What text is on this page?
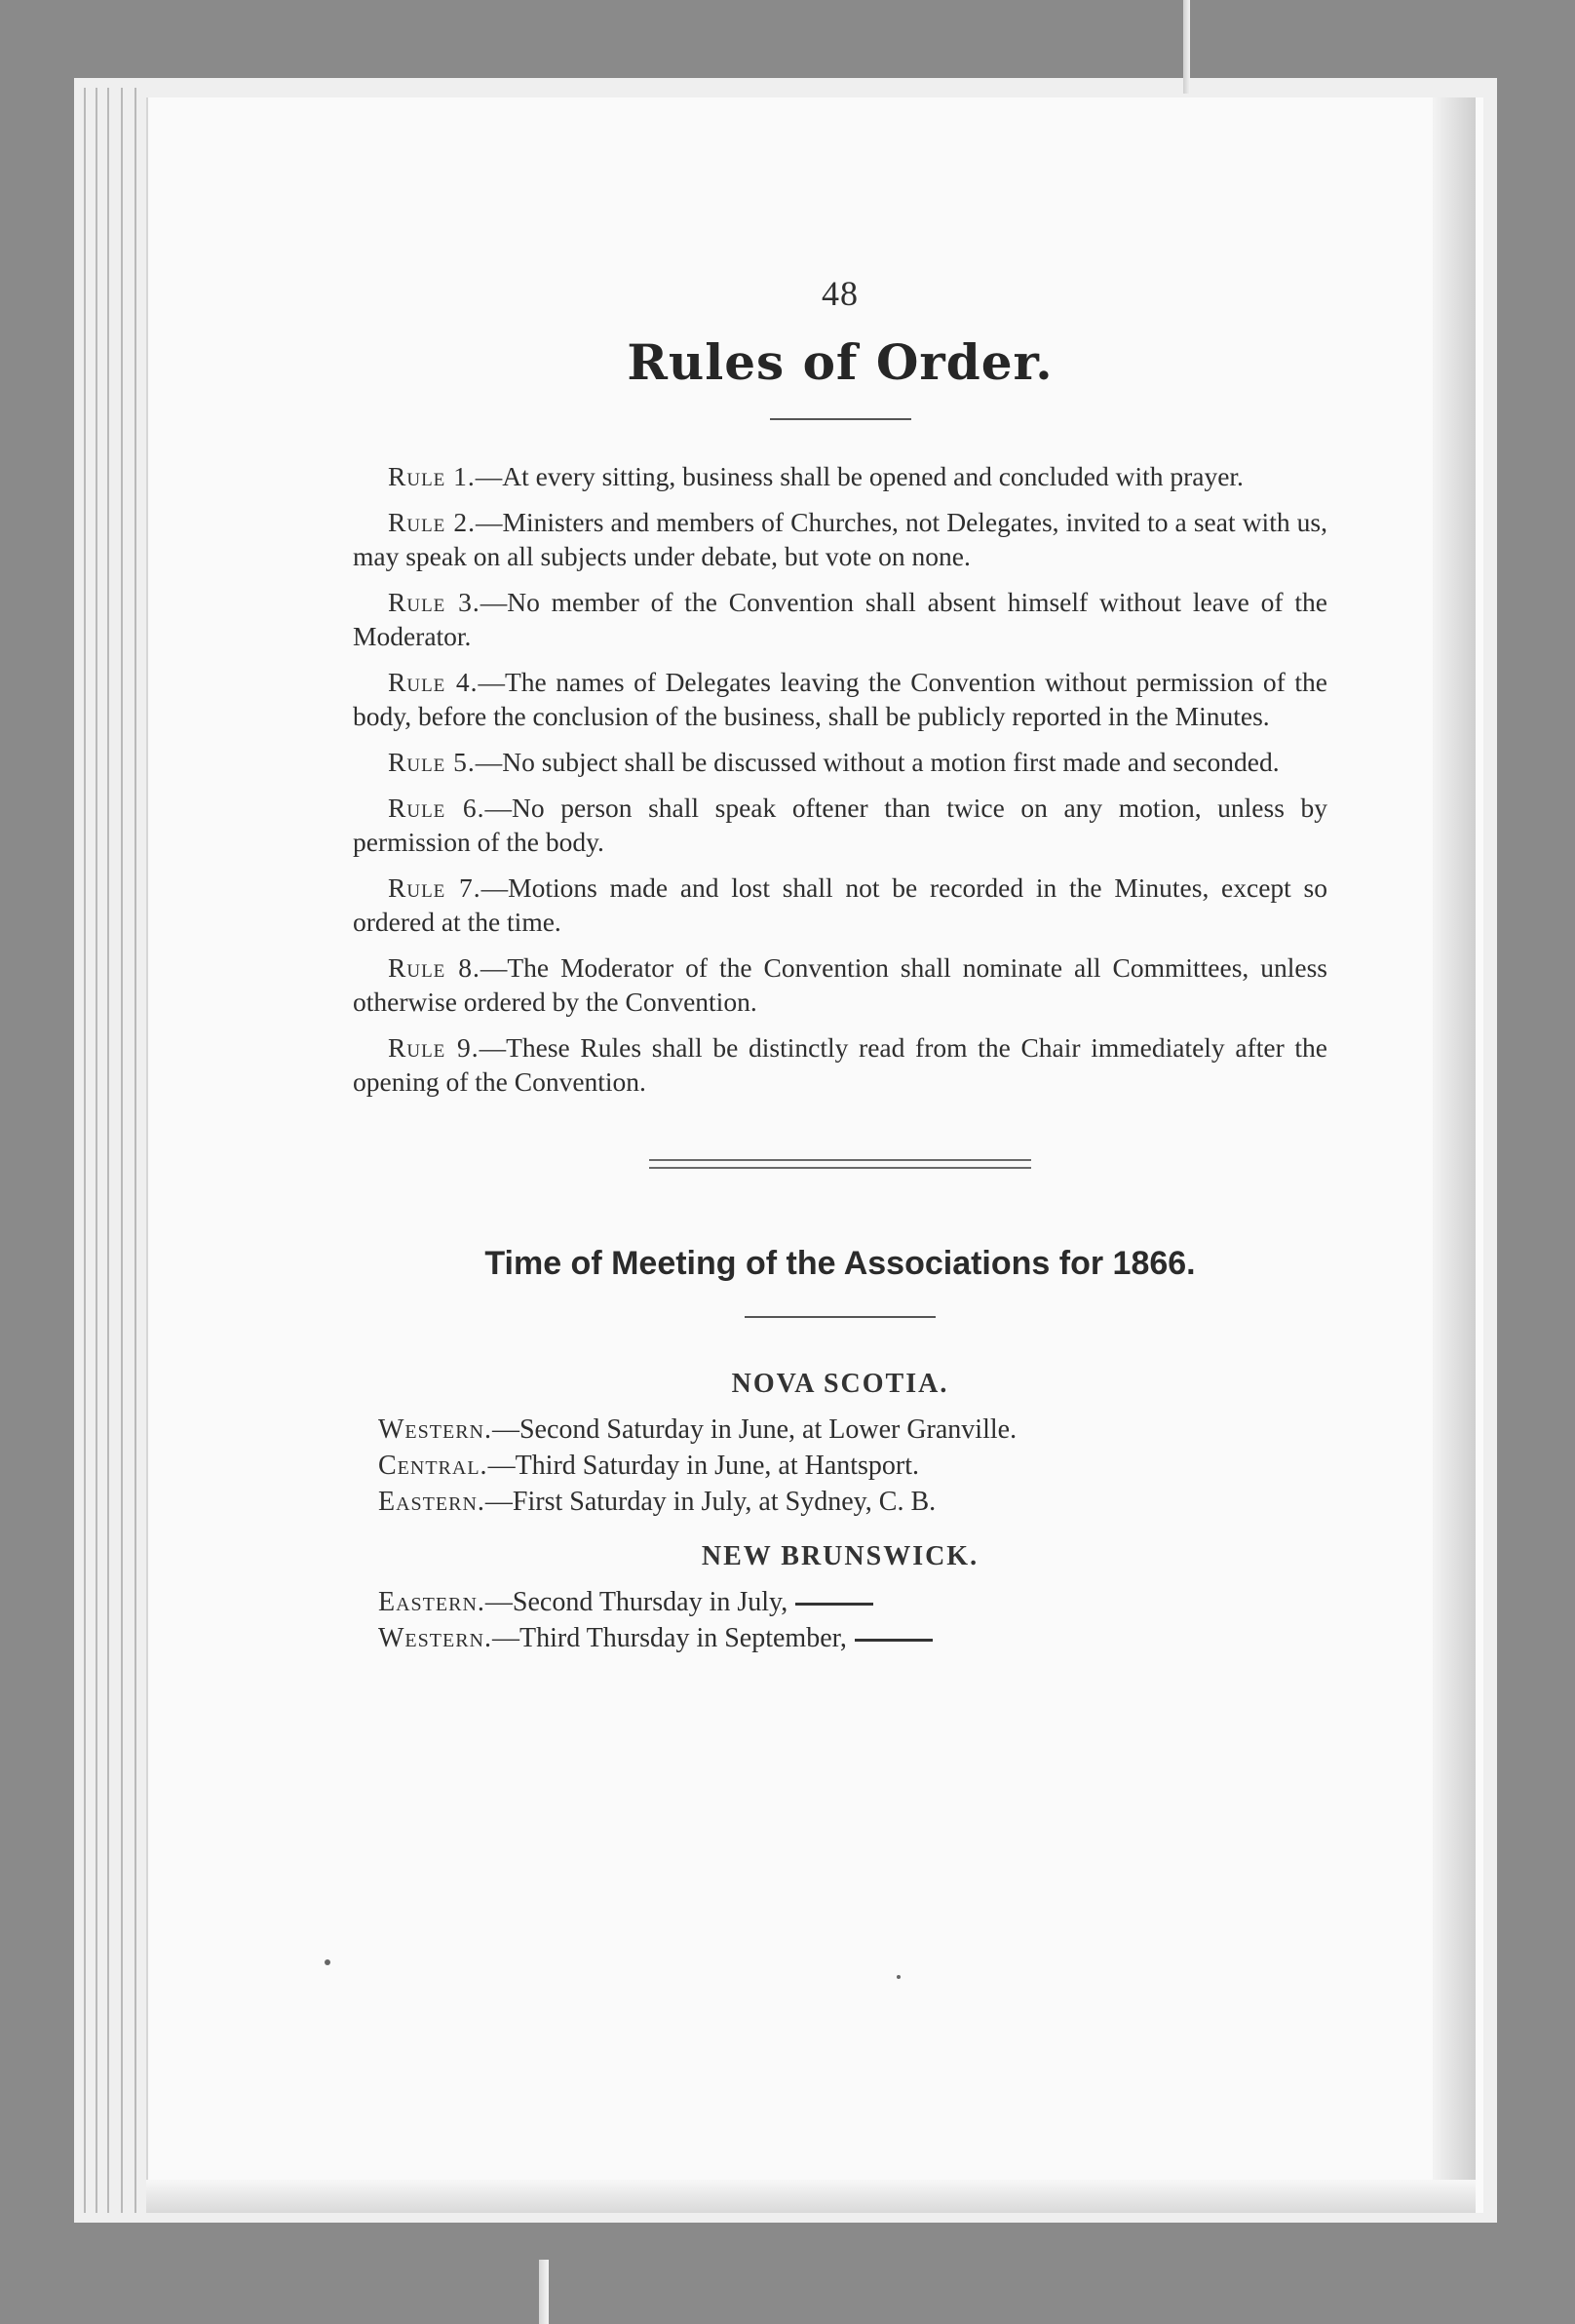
48
Rules of Order.

Rule 1.—At every sitting, business shall be opened and concluded with prayer.

Rule 2.—Ministers and members of Churches, not Delegates, invited to a seat with us, may speak on all subjects under debate, but vote on none.

Rule 3.—No member of the Convention shall absent himself without leave of the Moderator.

Rule 4.—The names of Delegates leaving the Convention without permission of the body, before the conclusion of the business, shall be publicly reported in the Minutes.

Rule 5.—No subject shall be discussed without a motion first made and seconded.

Rule 6.—No person shall speak oftener than twice on any motion, unless by permission of the body.

Rule 7.—Motions made and lost shall not be recorded in the Minutes, except so ordered at the time.

Rule 8.—The Moderator of the Convention shall nominate all Committees, unless otherwise ordered by the Convention.

Rule 9.—These Rules shall be distinctly read from the Chair immediately after the opening of the Convention.

Time of Meeting of the Associations for 1866.
NOVA SCOTIA.
Western.—Second Saturday in June, at Lower Granville.
Central.—Third Saturday in June, at Hantsport.
Eastern.—First Saturday in July, at Sydney, C. B.
NEW BRUNSWICK.
Eastern.—Second Thursday in July,
Western.—Third Thursday in September,
